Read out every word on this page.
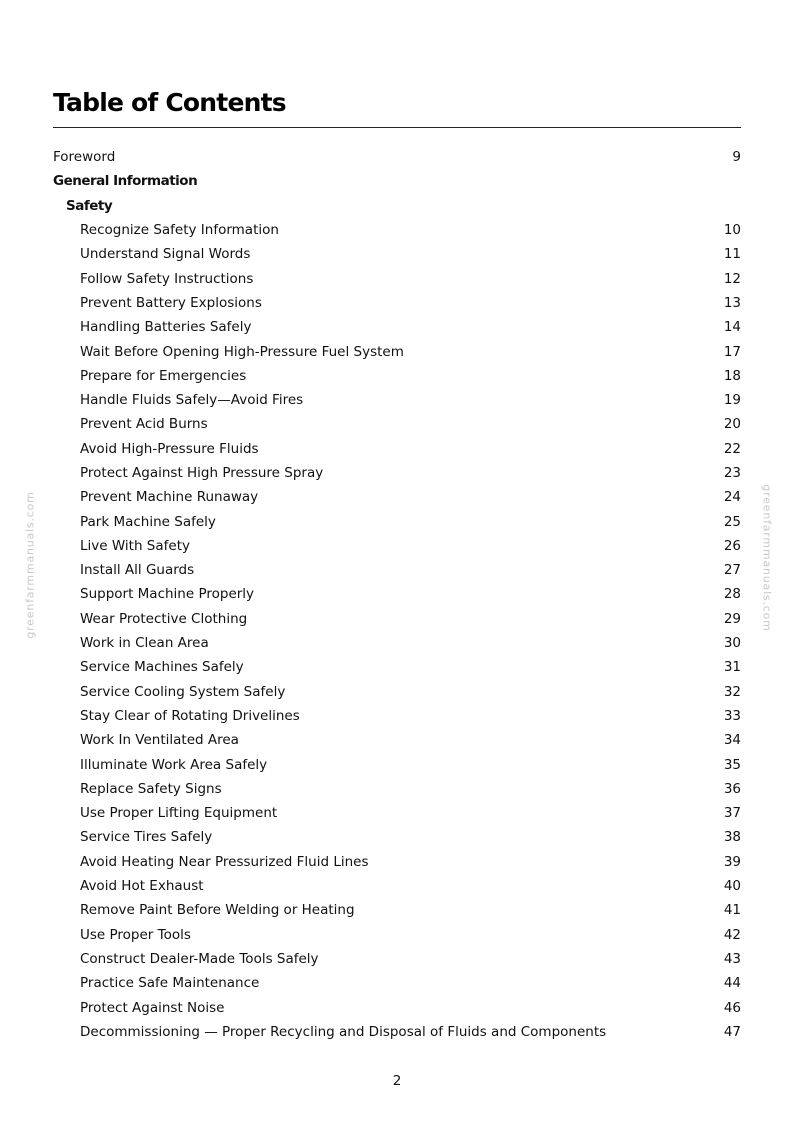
Table of Contents
Foreword	9
General Information
Safety
Recognize Safety Information	10
Understand Signal Words	11
Follow Safety Instructions	12
Prevent Battery Explosions	13
Handling Batteries Safely	14
Wait Before Opening High-Pressure Fuel System	17
Prepare for Emergencies	18
Handle Fluids Safely—Avoid Fires	19
Prevent Acid Burns	20
Avoid High-Pressure Fluids	22
Protect Against High Pressure Spray	23
Prevent Machine Runaway	24
Park Machine Safely	25
Live With Safety	26
Install All Guards	27
Support Machine Properly	28
Wear Protective Clothing	29
Work in Clean Area	30
Service Machines Safely	31
Service Cooling System Safely	32
Stay Clear of Rotating Drivelines	33
Work In Ventilated Area	34
Illuminate Work Area Safely	35
Replace Safety Signs	36
Use Proper Lifting Equipment	37
Service Tires Safely	38
Avoid Heating Near Pressurized Fluid Lines	39
Avoid Hot Exhaust	40
Remove Paint Before Welding or Heating	41
Use Proper Tools	42
Construct Dealer-Made Tools Safely	43
Practice Safe Maintenance	44
Protect Against Noise	46
Decommissioning — Proper Recycling and Disposal of Fluids and Components	47
greenfarmmanuals.com	greenfarmmanuals.com
2
